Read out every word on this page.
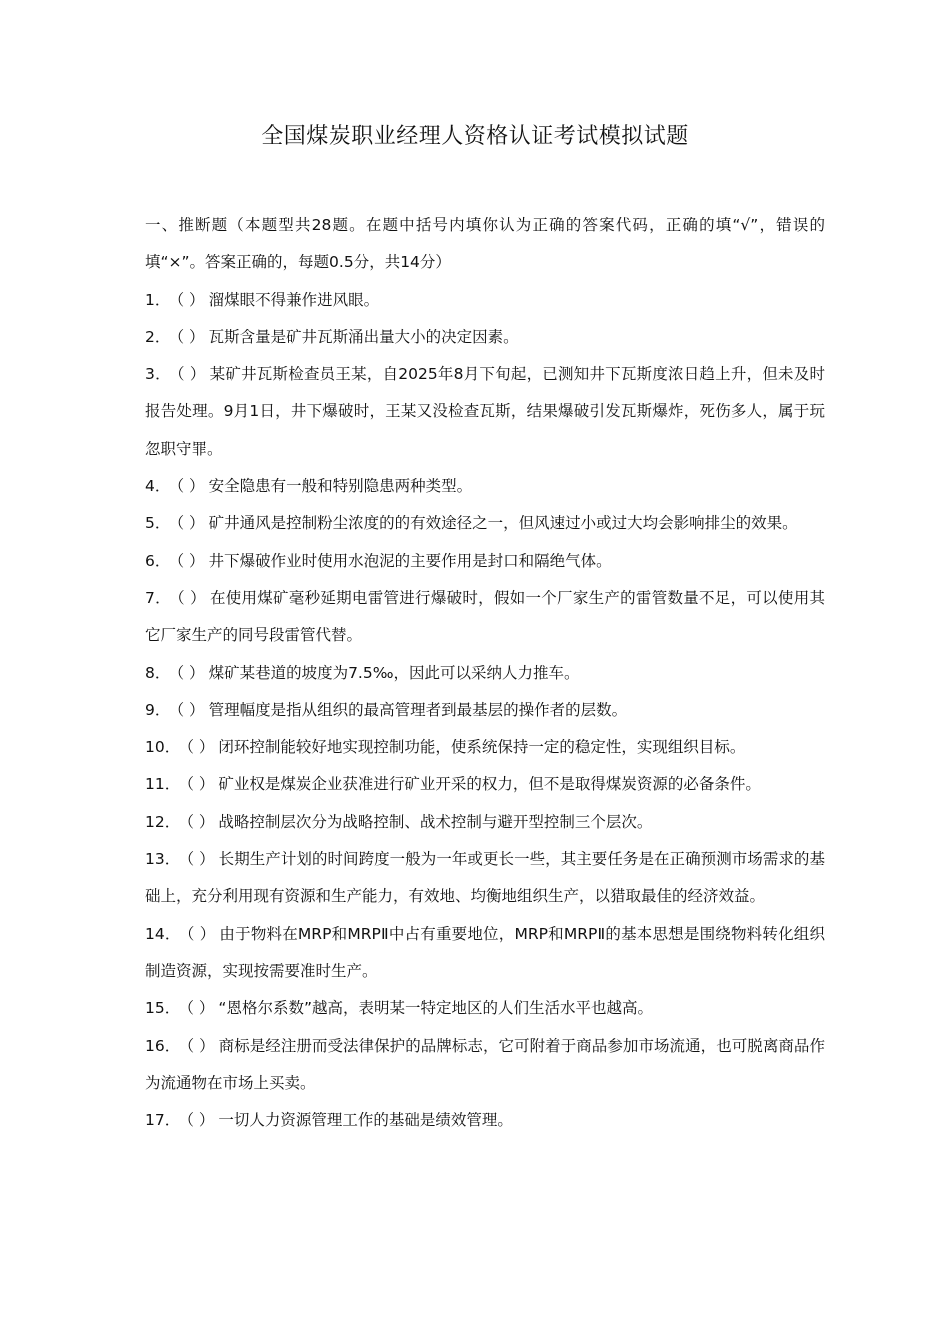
全国煤炭职业经理人资格认证考试模拟试题

一、推断题（本题型共28题。在题中括号内填你认为正确的答案代码，正确的填“√”，错误的填“×”。答案正确的，每题0.5分，共14分）

1． （ ） 溜煤眼不得兼作进风眼。

2． （ ） 瓦斯含量是矿井瓦斯涌出量大小的决定因素。

3． （ ） 某矿井瓦斯检查员王某，自2025年8月下旬起，已测知井下瓦斯度浓日趋上升，但未及时报告处理。9月1日，井下爆破时，王某又没检查瓦斯，结果爆破引发瓦斯爆炸，死伤多人，属于玩忽职守罪。

4． （ ） 安全隐患有一般和特别隐患两种类型。

5． （ ） 矿井通风是控制粉尘浓度的的有效途径之一，但风速过小或过大均会影响排尘的效果。

6． （ ） 井下爆破作业时使用水泡泥的主要作用是封口和隔绝气体。

7． （ ） 在使用煤矿毫秒延期电雷管进行爆破时，假如一个厂家生产的雷管数量不足，可以使用其它厂家生产的同号段雷管代替。

8． （ ） 煤矿某巷道的坡度为7.5‰，因此可以采纳人力推车。

9． （ ） 管理幅度是指从组织的最高管理者到最基层的操作者的层数。

10． （ ） 闭环控制能较好地实现控制功能，使系统保持一定的稳定性，实现组织目标。

11． （ ） 矿业权是煤炭企业获准进行矿业开采的权力，但不是取得煤炭资源的必备条件。

12． （ ） 战略控制层次分为战略控制、战术控制与避开型控制三个层次。

13． （ ） 长期生产计划的时间跨度一般为一年或更长一些，其主要任务是在正确预测市场需求的基础上，充分利用现有资源和生产能力，有效地、均衡地组织生产，以猎取最佳的经济效益。

14． （ ） 由于物料在MRP和MRPⅡ中占有重要地位，MRP和MRPⅡ的基本思想是围绕物料转化组织制造资源，实现按需要准时生产。

15． （ ） “恩格尔系数”越高，表明某一特定地区的人们生活水平也越高。

16． （ ） 商标是经注册而受法律保护的品牌标志，它可附着于商品参加市场流通，也可脱离商品作为流通物在市场上买卖。

17． （ ） 一切人力资源管理工作的基础是绩效管理。
